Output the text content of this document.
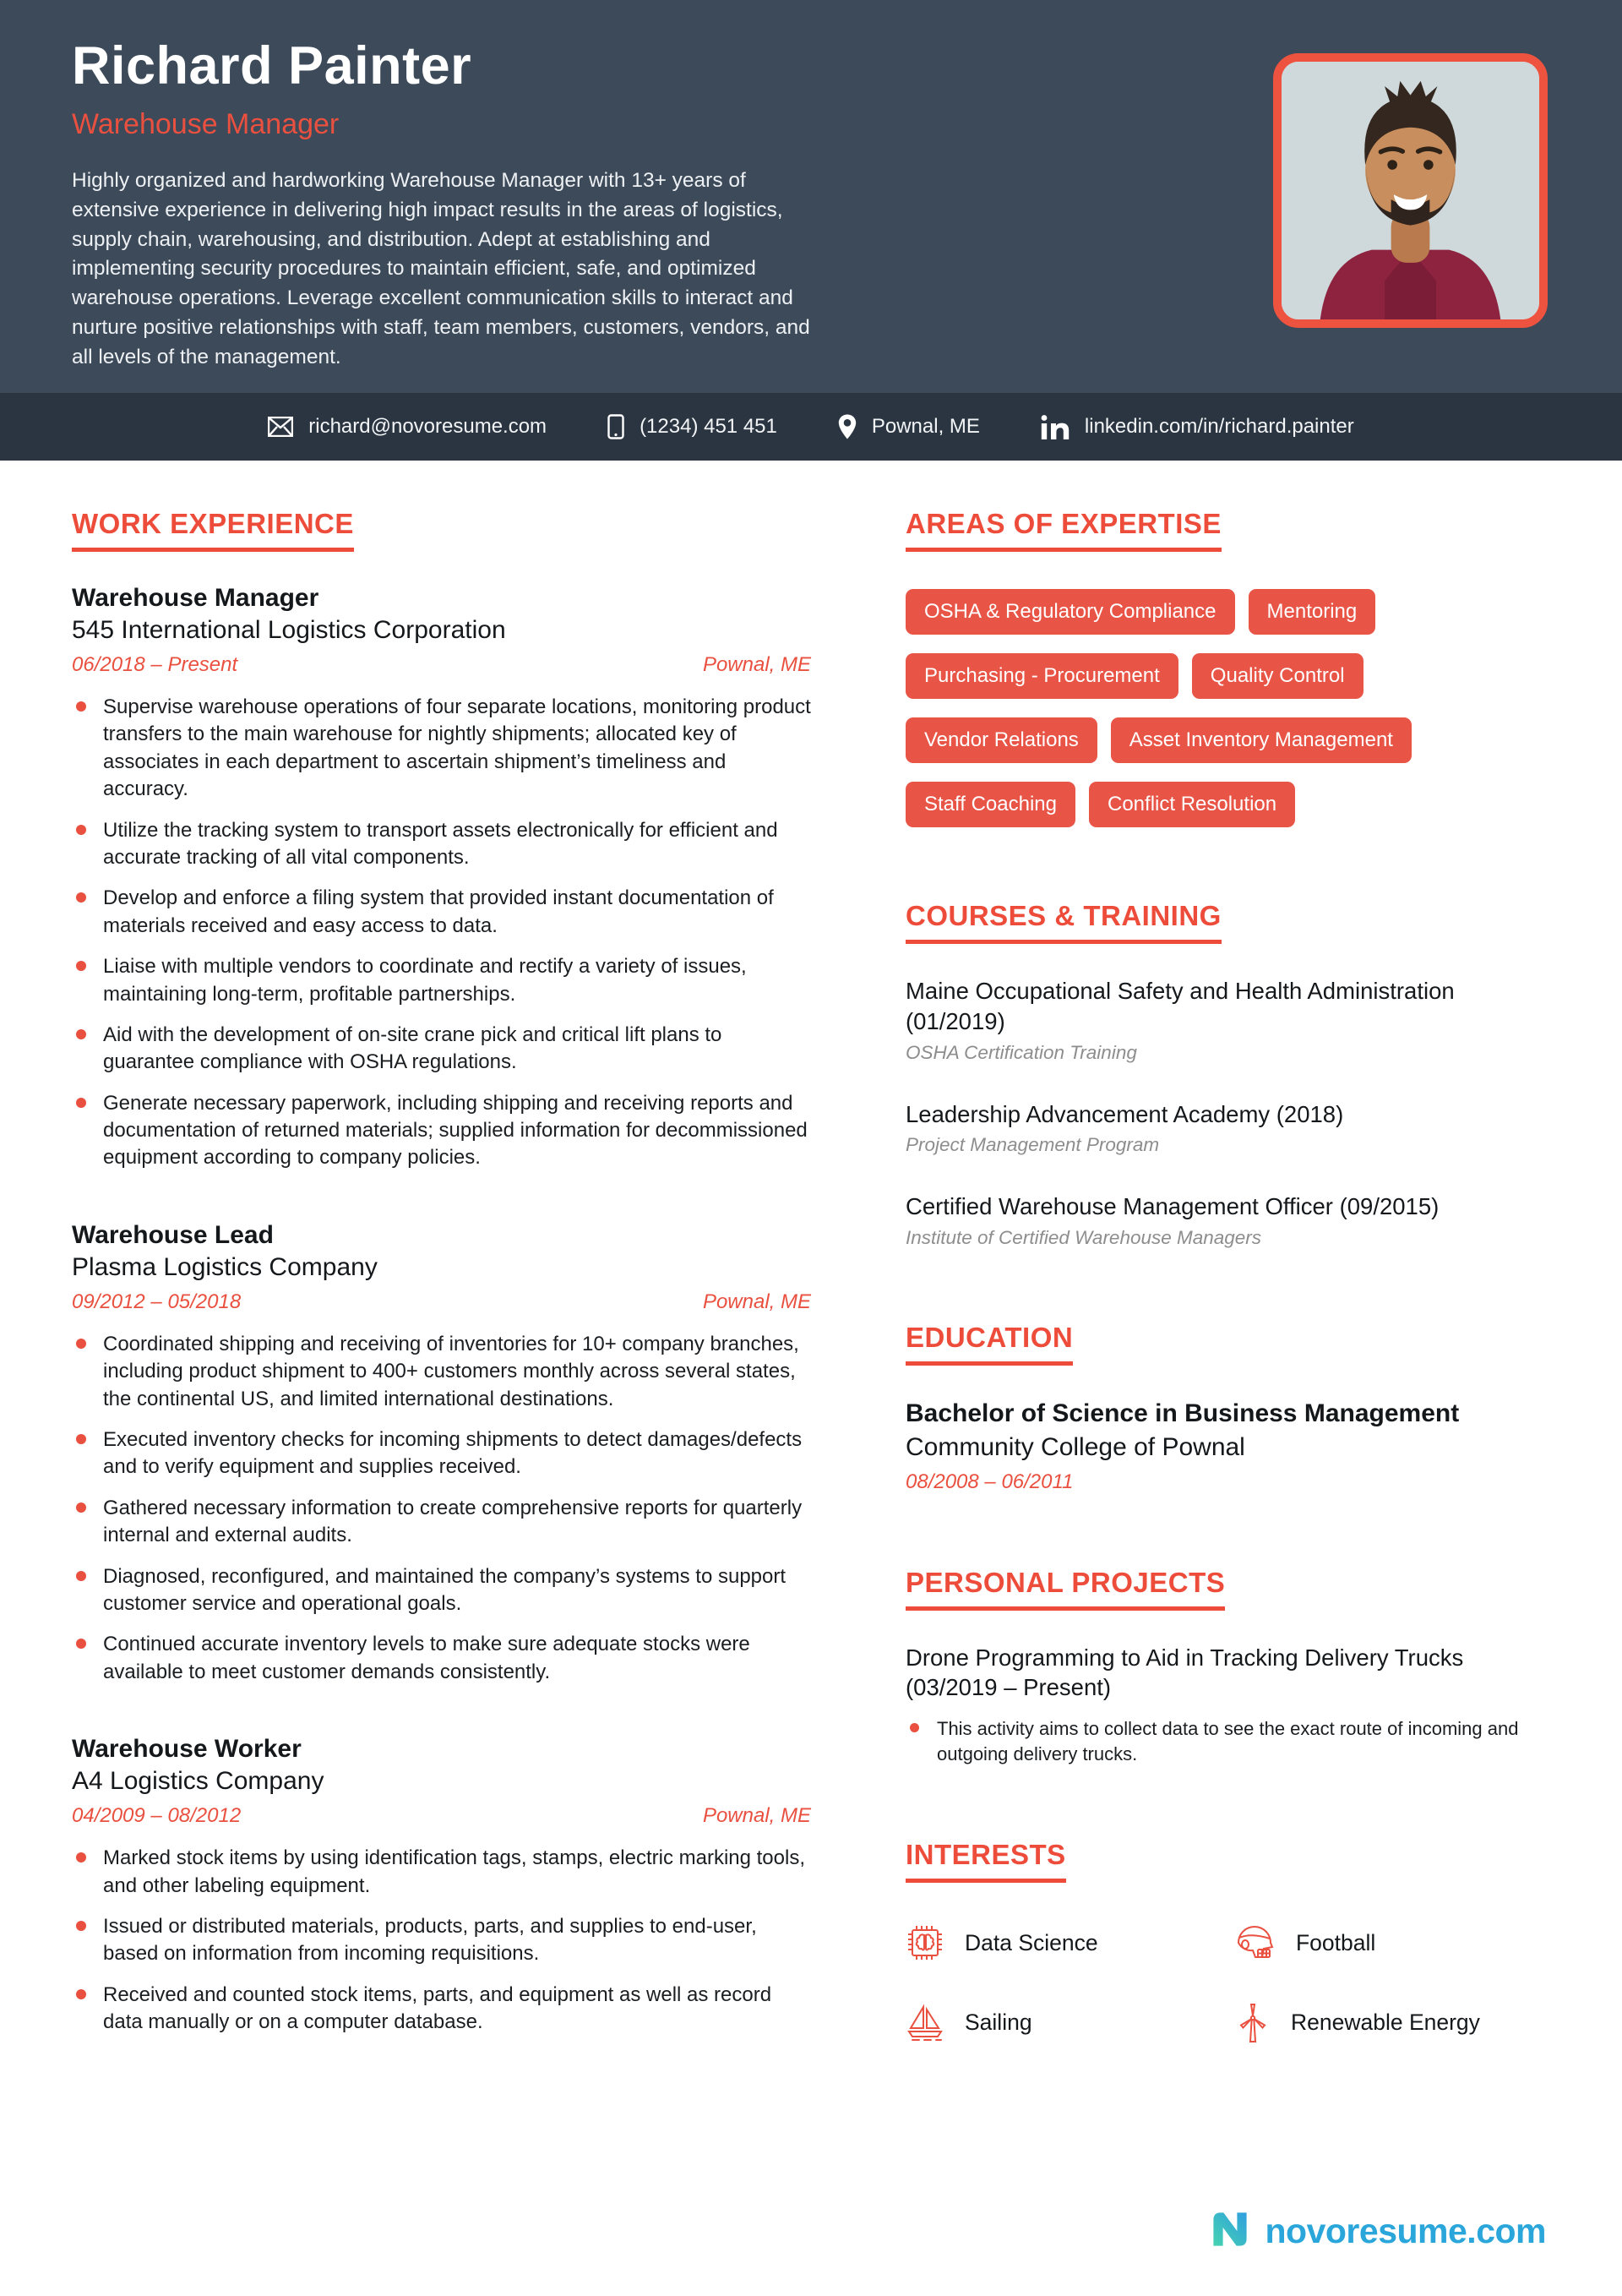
Richard Painter
Warehouse Manager
Highly organized and hardworking Warehouse Manager with 13+ years of extensive experience in delivering high impact results in the areas of logistics, supply chain, warehousing, and distribution. Adept at establishing and implementing security procedures to maintain efficient, safe, and optimized warehouse operations. Leverage excellent communication skills to interact and nurture positive relationships with staff, team members, customers, vendors, and all levels of the management.
richard@novoresume.com	(1234) 451 451	Pownal, ME	linkedin.com/in/richard.painter
WORK EXPERIENCE
Warehouse Manager
545 International Logistics Corporation
06/2018 – Present	Pownal, ME
Supervise warehouse operations of four separate locations, monitoring product transfers to the main warehouse for nightly shipments; allocated key of associates in each department to ascertain shipment’s timeliness and accuracy.
Utilize the tracking system to transport assets electronically for efficient and accurate tracking of all vital components.
Develop and enforce a filing system that provided instant documentation of materials received and easy access to data.
Liaise with multiple vendors to coordinate and rectify a variety of issues, maintaining long-term, profitable partnerships.
Aid with the development of on-site crane pick and critical lift plans to guarantee compliance with OSHA regulations.
Generate necessary paperwork, including shipping and receiving reports and documentation of returned materials; supplied information for decommissioned equipment according to company policies.
Warehouse Lead
Plasma Logistics Company
09/2012 – 05/2018	Pownal, ME
Coordinated shipping and receiving of inventories for 10+ company branches, including product shipment to 400+ customers monthly across several states, the continental US, and limited international destinations.
Executed inventory checks for incoming shipments to detect damages/defects and to verify equipment and supplies received.
Gathered necessary information to create comprehensive reports for quarterly internal and external audits.
Diagnosed, reconfigured, and maintained the company’s systems to support customer service and operational goals.
Continued accurate inventory levels to make sure adequate stocks were available to meet customer demands consistently.
Warehouse Worker
A4 Logistics Company
04/2009 – 08/2012	Pownal, ME
Marked stock items by using identification tags, stamps, electric marking tools, and other labeling equipment.
Issued or distributed materials, products, parts, and supplies to end-user, based on information from incoming requisitions.
Received and counted stock items, parts, and equipment as well as record data manually or on a computer database.
AREAS OF EXPERTISE
OSHA & Regulatory Compliance	Mentoring
Purchasing - Procurement	Quality Control
Vendor Relations	Asset Inventory Management
Staff Coaching	Conflict Resolution
COURSES & TRAINING
Maine Occupational Safety and Health Administration (01/2019)
OSHA Certification Training
Leadership Advancement Academy (2018)
Project Management Program
Certified Warehouse Management Officer (09/2015)
Institute of Certified Warehouse Managers
EDUCATION
Bachelor of Science in Business Management
Community College of Pownal
08/2008 – 06/2011
PERSONAL PROJECTS
Drone Programming to Aid in Tracking Delivery Trucks (03/2019 – Present)
This activity aims to collect data to see the exact route of incoming and outgoing delivery trucks.
INTERESTS
Data Science	Football
Sailing	Renewable Energy
novoresume.com
